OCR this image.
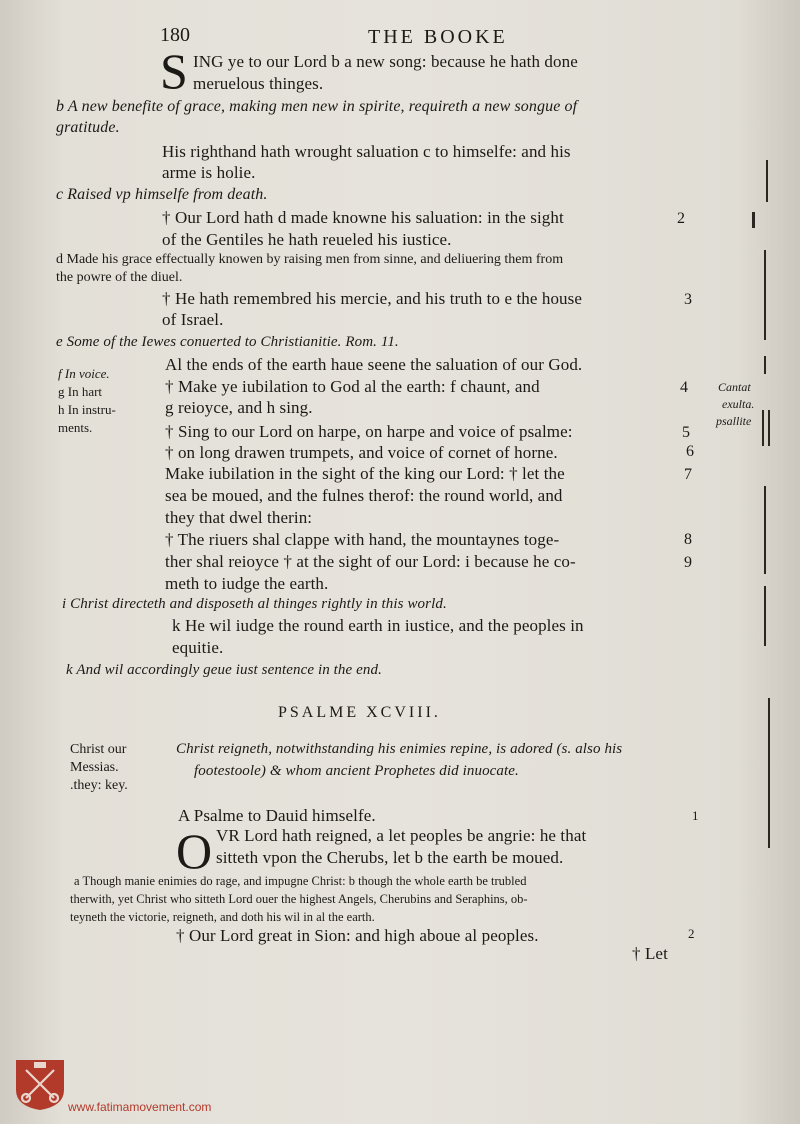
180	THE BOOKE
S ING ye to our Lord b a new song: because he hath done
meruelous thinges.
b A new benefite of grace, making men new in spirite, requireth a new songue of
gratitude.
His righthand hath wrought saluation c to himselfe: and his
arme is holie.
c Raised vp himselfe from death.
† Our Lord hath d made knowne his saluation: in the sight	2
of the Gentiles he hath reueled his iustice.
d Made his grace effectually knowen by raising men from sinne, and deliuering them from
the powre of the diuel.
† He hath remembred his mercie, and his truth to e the house	3
of Israel.
e Some of the Iewes conuerted to Christianitie. Rom. 11.
Al the ends of the earth haue seene the saluation of our God.
f In voice.
g In hart
h In instru-
ments.
Cantat
exulta.
psallite
† Make ye iubilation to God al the earth: f chaunt, and	4
g reioyce, and h sing.
† Sing to our Lord on harpe, on harpe and voice of psalme:	5
† on long drawen trumpets, and voice of cornet of horne.	6
Make iubilation in the sight of the king our Lord: † let the	7
sea be moued, and the fulnes therof: the round world, and
they that dwel therin:
† The riuers shal clappe with hand, the mountaynes toge-	8
ther shal reioyce † at the sight of our Lord: i because he co-	9
meth to iudge the earth.
i Christ directeth and disposeth al thinges rightly in this world.
k He wil iudge the round earth in iustice, and the peoples in
equitie.
k And wil accordingly geue iust sentence in the end.
PSALME XCVIII.
Christ our
Messias.
.they: key.
Christ reigneth, notwithstanding his enimies repine, is adored (s. also his
footestoole) & whom ancient Prophetes did inuocate.
A Psalme to Dauid himselfe.	1
O VR Lord hath reigned, a let peoples be angrie: he that
sitteth vpon the Cherubs, let b the earth be moued.
a Though manie enimies do rage, and impugne Christ: b though the whole earth be trubled
therwith, yet Christ who sitteth Lord ouer the highest Angels, Cherubins and Seraphins, ob-
teyneth the victorie, reigneth, and doth his wil in al the earth.
† Our Lord great in Sion: and high aboue al peoples.	2
† Let
www.fatimamovement.com
